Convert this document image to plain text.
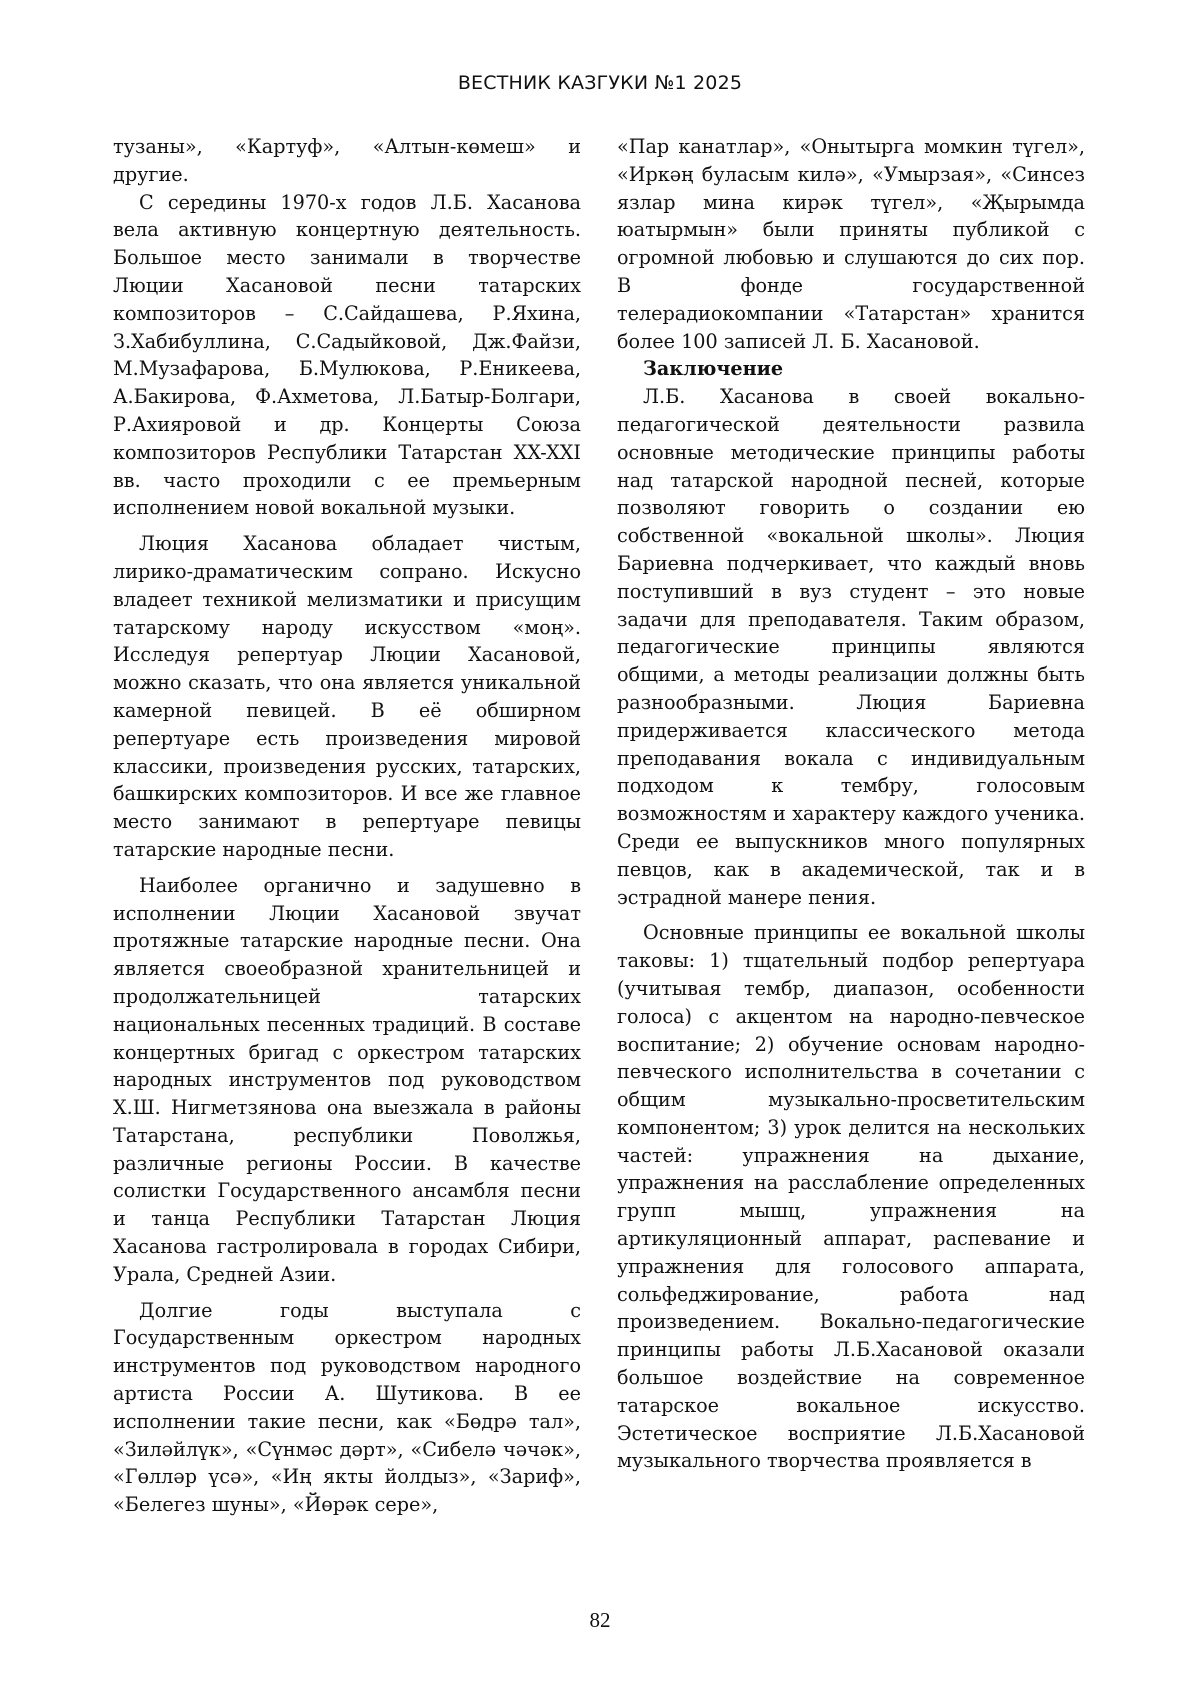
ВЕСТНИК КАЗГУКИ №1 2025

тузаны», «Картуф», «Алтын-көмеш» и другие.

С середины 1970-х годов Л.Б. Хасанова вела активную концертную деятельность. Большое место занимали в творчестве Люции Хасановой песни татарских композиторов – С.Сайдашева, Р.Яхина, З.Хабибуллина, С.Садыйковой, Дж.Файзи, М.Музафарова, Б.Мулюкова, Р.Еникеева, А.Бакирова, Ф.Ахметова, Л.Батыр-Болгари, Р.Ахияровой и др. Концерты Союза композиторов Республики Татарстан XX-XXI вв. часто проходили с ее премьерным исполнением новой вокальной музыки.

Люция Хасанова обладает чистым, лирико-драматическим сопрано. Искусно владеет техникой мелизматики и присущим татарскому народу искусством «моң». Исследуя репертуар Люции Хасановой, можно сказать, что она является уникальной камерной певицей. В её обширном репертуаре есть произведения мировой классики, произведения русских, татарских, башкирских композиторов. И все же главное место занимают в репертуаре певицы татарские народные песни.

Наиболее органично и задушевно в исполнении Люции Хасановой звучат протяжные татарские народные песни. Она является своеобразной хранительницей и продолжательницей татарских национальных песенных традиций. В составе концертных бригад с оркестром татарских народных инструментов под руководством Х.Ш. Нигметзянова она выезжала в районы Татарстана, республики Поволжья, различные регионы России. В качестве солистки Государственного ансамбля песни и танца Республики Татарстан Люция Хасанова гастролировала в городах Сибири, Урала, Средней Азии.

Долгие годы выступала с Государственным оркестром народных инструментов под руководством народного артиста России А. Шутикова. В ее исполнении такие песни, как «Бөдрә тал», «Зиләйлүк», «Сүнмәс дәрт», «Сибелә чәчәк», «Гөлләр үсә», «Иң якты йолдыз», «Зариф», «Белегез шуны», «Йөрәк сере»,

«Пар канатлар», «Онытырга момкин түгел», «Иркәң буласым килә», «Умырзая», «Синсез язлар мина кирәк түгел», «Җырымда юатырмын» были приняты публикой с огромной любовью и слушаются до сих пор. В фонде государственной телерадиокомпании «Татарстан» хранится более 100 записей Л. Б. Хасановой.

Заключение

Л.Б. Хасанова в своей вокально-педагогической деятельности развила основные методические принципы работы над татарской народной песней, которые позволяют говорить о создании ею собственной «вокальной школы». Люция Бариевна подчеркивает, что каждый вновь поступивший в вуз студент – это новые задачи для преподавателя. Таким образом, педагогические принципы являются общими, а методы реализации должны быть разнообразными. Люция Бариевна придерживается классического метода преподавания вокала с индивидуальным подходом к тембру, голосовым возможностям и характеру каждого ученика. Среди ее выпускников много популярных певцов, как в академической, так и в эстрадной манере пения.

Основные принципы ее вокальной школы таковы: 1) тщательный подбор репертуара (учитывая тембр, диапазон, особенности голоса) с акцентом на народно-певческое воспитание; 2) обучение основам народно-певческого исполнительства в сочетании с общим музыкально-просветительским компонентом; 3) урок делится на нескольких частей: упражнения на дыхание, упражнения на расслабление определенных групп мышц, упражнения на артикуляционный аппарат, распевание и упражнения для голосового аппарата, сольфеджирование, работа над произведением. Вокально-педагогические принципы работы Л.Б.Хасановой оказали большое воздействие на современное татарское вокальное искусство. Эстетическое восприятие Л.Б.Хасановой музыкального творчества проявляется в

82
